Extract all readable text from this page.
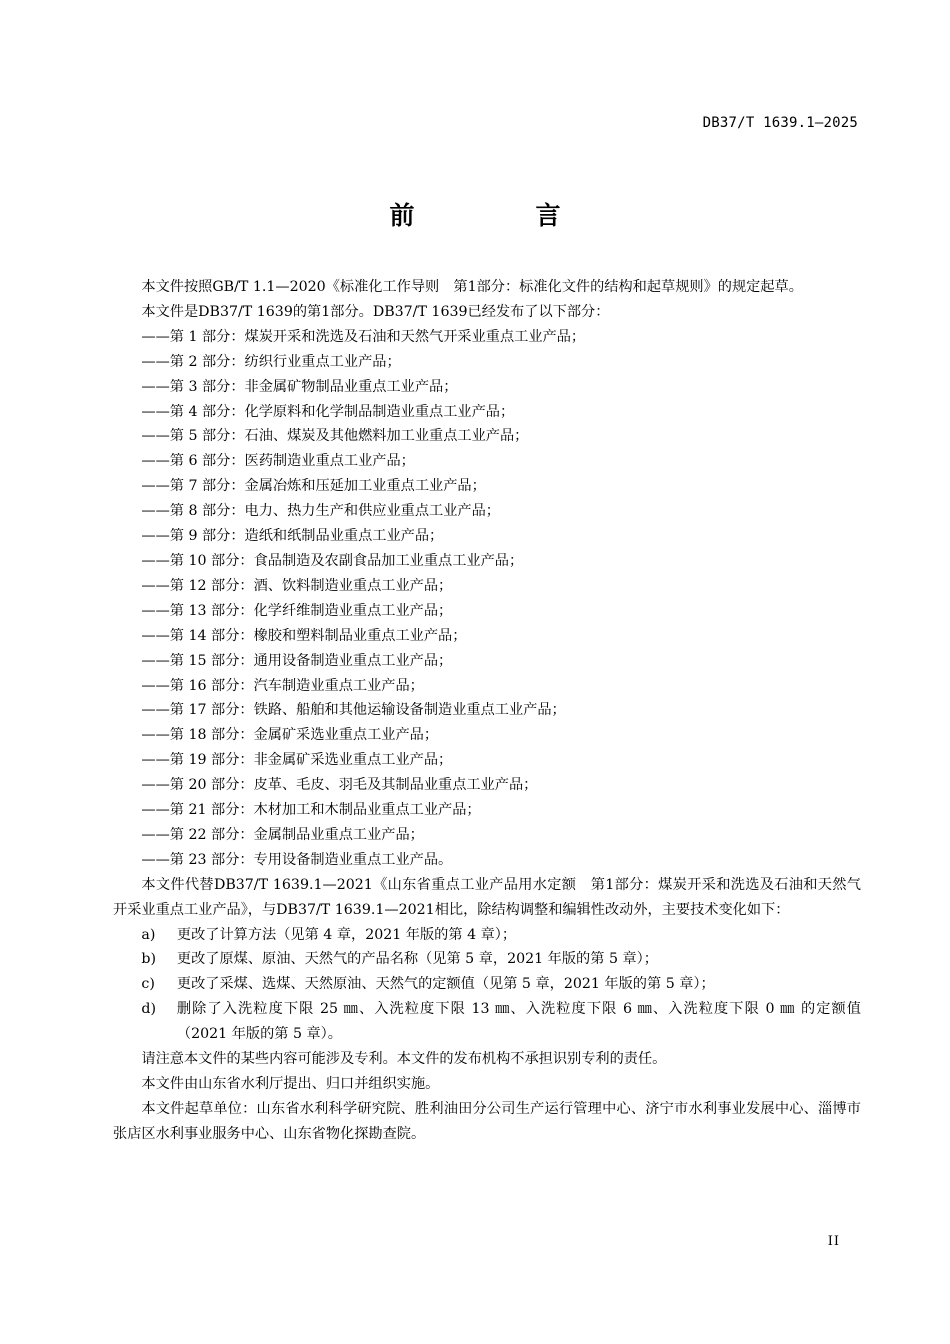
DB37/T 1639.1—2025
前　言

本文件按照GB/T 1.1—2020《标准化工作导则　第1部分：标准化文件的结构和起草规则》的规定起草。

本文件是DB37/T 1639的第1部分。DB37/T 1639已经发布了以下部分：

——第 1 部分：煤炭开采和洗选及石油和天然气开采业重点工业产品；
——第 2 部分：纺织行业重点工业产品；
——第 3 部分：非金属矿物制品业重点工业产品；
——第 4 部分：化学原料和化学制品制造业重点工业产品；
——第 5 部分：石油、煤炭及其他燃料加工业重点工业产品；
——第 6 部分：医药制造业重点工业产品；
——第 7 部分：金属冶炼和压延加工业重点工业产品；
——第 8 部分：电力、热力生产和供应业重点工业产品；
——第 9 部分：造纸和纸制品业重点工业产品；
——第 10 部分：食品制造及农副食品加工业重点工业产品；
——第 12 部分：酒、饮料制造业重点工业产品；
——第 13 部分：化学纤维制造业重点工业产品；
——第 14 部分：橡胶和塑料制品业重点工业产品；
——第 15 部分：通用设备制造业重点工业产品；
——第 16 部分：汽车制造业重点工业产品；
——第 17 部分：铁路、船舶和其他运输设备制造业重点工业产品；
——第 18 部分：金属矿采选业重点工业产品；
——第 19 部分：非金属矿采选业重点工业产品；
——第 20 部分：皮革、毛皮、羽毛及其制品业重点工业产品；
——第 21 部分：木材加工和木制品业重点工业产品；
——第 22 部分：金属制品业重点工业产品；
——第 23 部分：专用设备制造业重点工业产品。

本文件代替DB37/T 1639.1—2021《山东省重点工业产品用水定额　第1部分：煤炭开采和洗选及石油和天然气开采业重点工业产品》，与DB37/T 1639.1—2021相比，除结构调整和编辑性改动外，主要技术变化如下：

a)	更改了计算方法（见第 4 章，2021 年版的第 4 章）；
b)	更改了原煤、原油、天然气的产品名称（见第 5 章，2021 年版的第 5 章）；
c)	更改了采煤、选煤、天然原油、天然气的定额值（见第 5 章，2021 年版的第 5 章）；
d)	删除了入洗粒度下限 25 ㎜、入洗粒度下限 13 ㎜、入洗粒度下限 6 ㎜、入洗粒度下限 0 ㎜ 的定额值（2021 年版的第 5 章）。

请注意本文件的某些内容可能涉及专利。本文件的发布机构不承担识别专利的责任。

本文件由山东省水利厅提出、归口并组织实施。

本文件起草单位：山东省水利科学研究院、胜利油田分公司生产运行管理中心、济宁市水利事业发展中心、淄博市张店区水利事业服务中心、山东省物化探勘查院。

II
